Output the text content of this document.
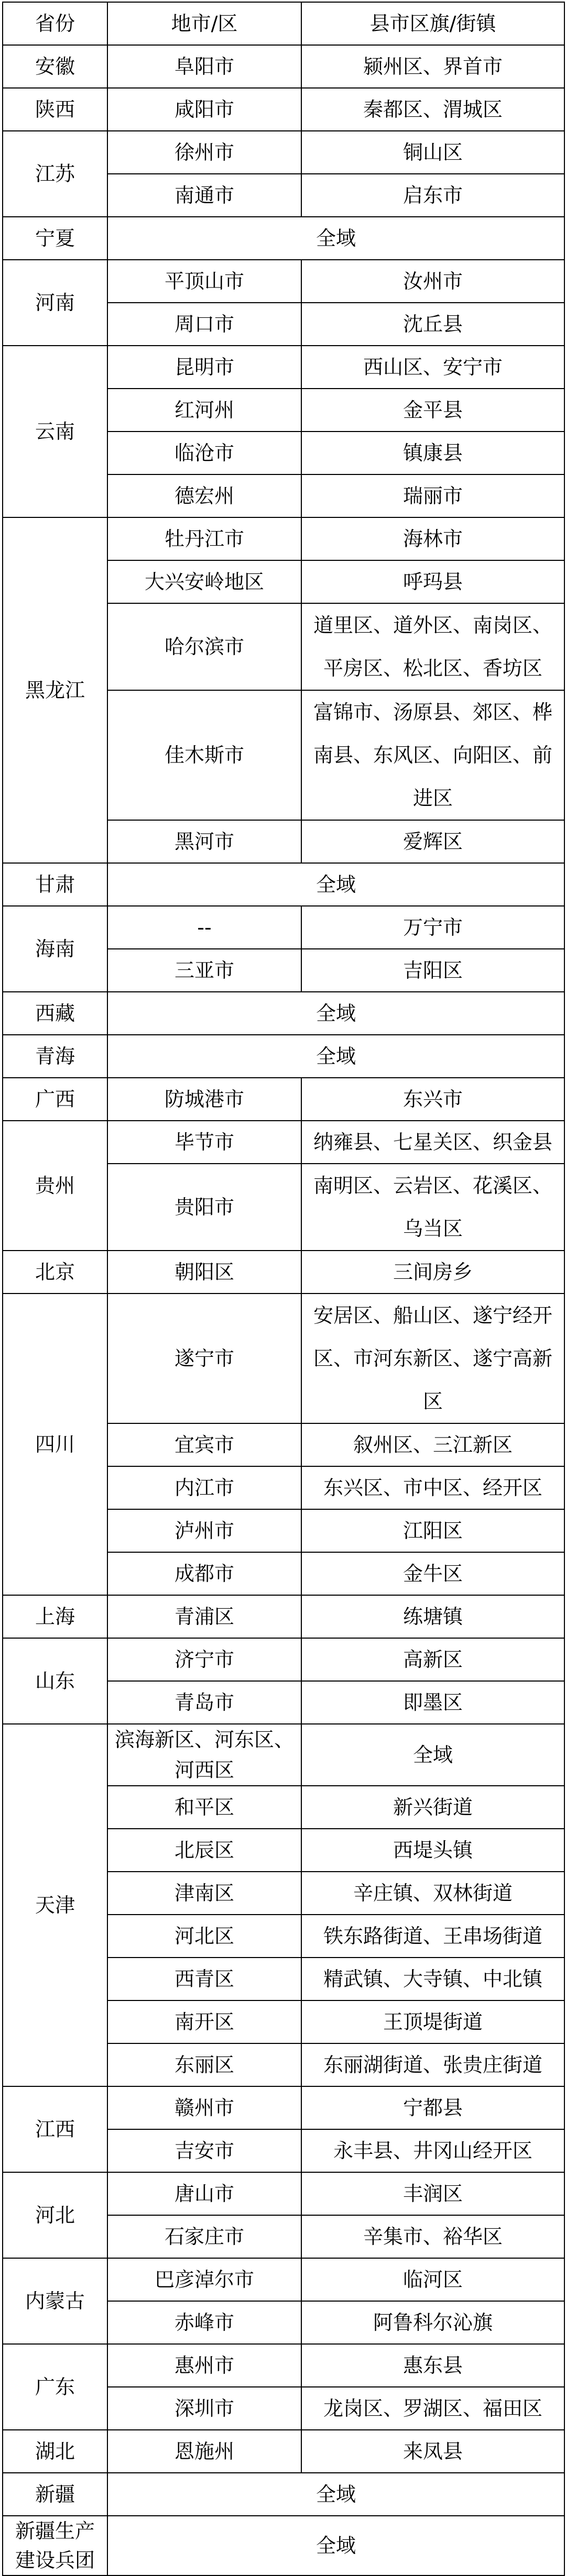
省份	地市/区	县市区旗/街镇
安徽	阜阳市	颍州区、界首市
陕西	咸阳市	秦都区、渭城区
江苏	徐州市	铜山区
	南通市	启东市
宁夏	全域	
河南	平顶山市	汝州市
	周口市	沈丘县
云南	昆明市	西山区、安宁市
	红河州	金平县
	临沧市	镇康县
	德宏州	瑞丽市
黑龙江	牡丹江市	海林市
	大兴安岭地区	呼玛县
	哈尔滨市	道里区、道外区、南岗区、平房区、松北区、香坊区
	佳木斯市	富锦市、汤原县、郊区、桦南县、东风区、向阳区、前进区
	黑河市	爱辉区
甘肃	全域	
海南	--	万宁市
	三亚市	吉阳区
西藏	全域	
青海	全域	
广西	防城港市	东兴市
贵州	毕节市	纳雍县、七星关区、织金县
	贵阳市	南明区、云岩区、花溪区、乌当区
北京	朝阳区	三间房乡
四川	遂宁市	安居区、船山区、遂宁经开区、市河东新区、遂宁高新区
	宜宾市	叙州区、三江新区
	内江市	东兴区、市中区、经开区
	泸州市	江阳区
	成都市	金牛区
上海	青浦区	练塘镇
山东	济宁市	高新区
	青岛市	即墨区
天津	滨海新区、河东区、河西区	全域
	和平区	新兴街道
	北辰区	西堤头镇
	津南区	辛庄镇、双林街道
	河北区	铁东路街道、王串场街道
	西青区	精武镇、大寺镇、中北镇
	南开区	王顶堤街道
	东丽区	东丽湖街道、张贵庄街道
江西	赣州市	宁都县
	吉安市	永丰县、井冈山经开区
河北	唐山市	丰润区
	石家庄市	辛集市、裕华区
内蒙古	巴彦淖尔市	临河区
	赤峰市	阿鲁科尔沁旗
广东	惠州市	惠东县
	深圳市	龙岗区、罗湖区、福田区
湖北	恩施州	来凤县
新疆	全域	
新疆生产建设兵团	全域	
